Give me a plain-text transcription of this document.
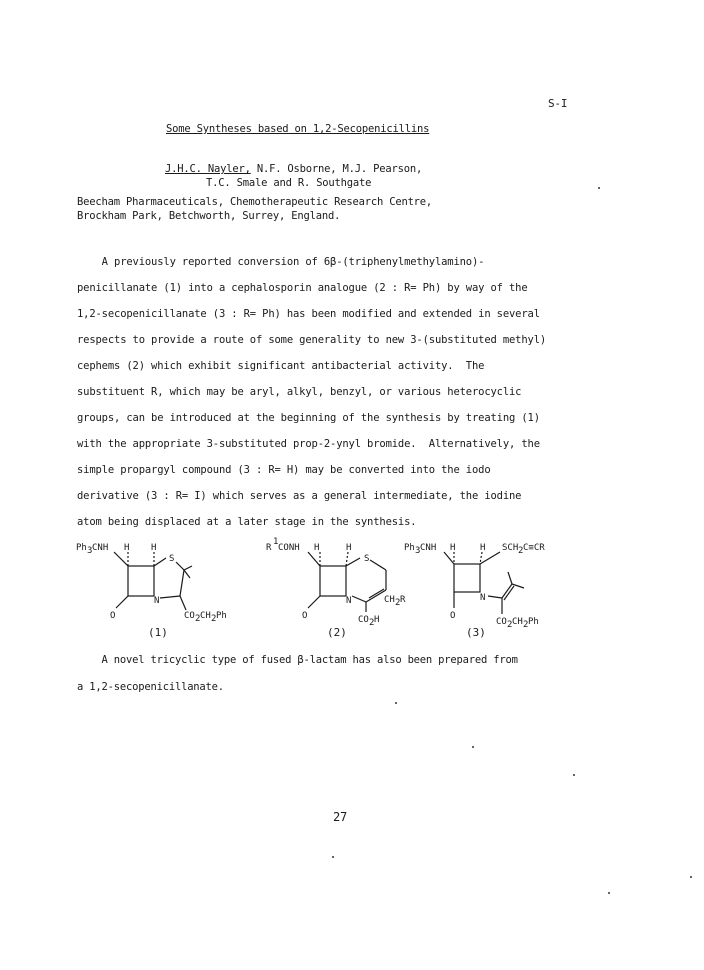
S-I
Some Syntheses based on 1,2-Secopenicillins
J.H.C. Nayler, N.F. Osborne, M.J. Pearson,
T.C. Smale and R. Southgate
Beecham Pharmaceuticals, Chemotherapeutic Research Centre,
Brockham Park, Betchworth, Surrey, England.
A previously reported conversion of 6β-(triphenylmethylamino)-
penicillanate (1) into a cephalosporin analogue (2 : R= Ph) by way of the
1,2-secopenicillanate (3 : R= Ph) has been modified and extended in several
respects to provide a route of some generality to new 3-(substituted methyl)
cephems (2) which exhibit significant antibacterial activity.  The
substituent R, which may be aryl, alkyl, benzyl, or various heterocyclic
groups, can be introduced at the beginning of the synthesis by treating (1)
with the appropriate 3-substituted prop-2-ynyl bromide.  Alternatively, the
simple propargyl compound (3 : R= H) may be converted into the iodo
derivative (3 : R= I) which serves as a general intermediate, the iodine
atom being displaced at a later stage in the synthesis.
Ph 3 CNH H H
S
N
O	CO 2 CH 2 Ph
(1)
R
1
CONH H	H
S
N
O
CH 2 R
CO 2 H
(2)
Ph 3 CNH H	H SCH 2 C≡CR
N
O
CO 2 CH 2 Ph
(3)
A novel tricyclic type of fused β-lactam has also been prepared from
a 1,2-secopenicillanate.
27
